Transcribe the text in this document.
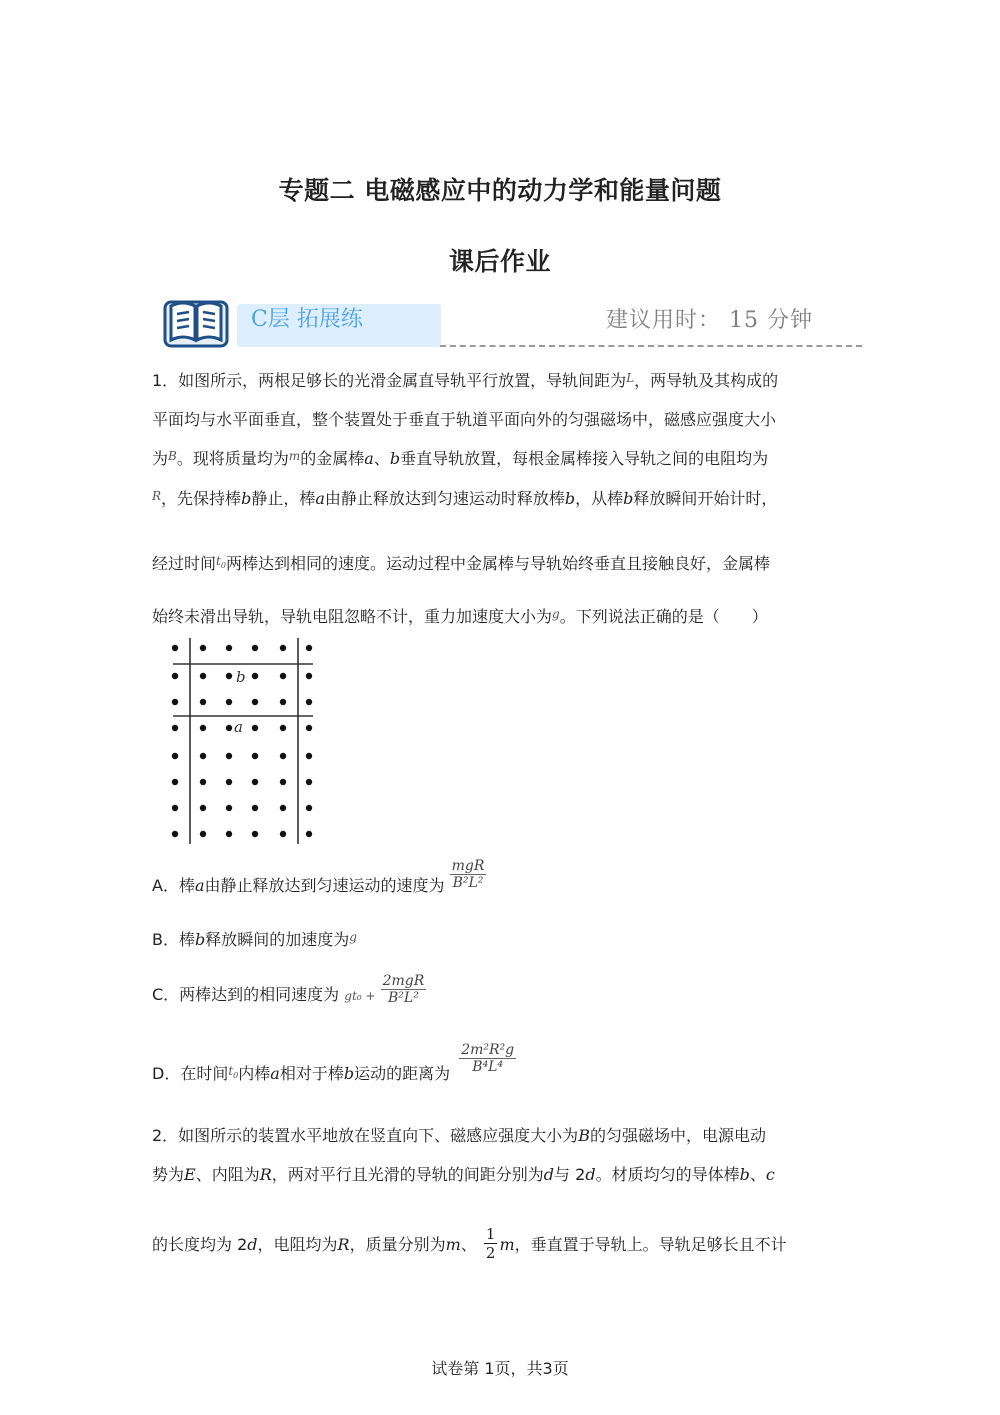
专题二 电磁感应中的动力学和能量问题
课后作业
C层 拓展练	建议用时： 15 分钟
1．如图所示，两根足够长的光滑金属直导轨平行放置，导轨间距为$^L$，两导轨及其构成的
平面均与水平面垂直，整个装置处于垂直于轨道平面向外的匀强磁场中，磁感应强度大小
为$^B$。现将质量均为$^m$的金属棒a、b垂直导轨放置，每根金属棒接入导轨之间的电阻均为
$^R$，先保持棒b静止，棒a由静止释放达到匀速运动时释放棒b，从棒b释放瞬间开始计时，
经过时间$^t$0两棒达到相同的速度。运动过程中金属棒与导轨始终垂直且接触良好，金属棒
始终未滑出导轨，导轨电阻忽略不计，重力加速度大小为$^g$。下列说法正确的是（　　）
b
a
A．棒a由静止释放达到匀速运动的速度为 $\frac{\text{mgR}}{\text{B²L²}}$
B．棒b释放瞬间的加速度为$^g$
C．两棒达到的相同速度为 $gt_0 + \frac{\text{2mgR}}{\text{B²L²}}$
D．在时间$^t$0内棒a相对于棒b运动的距离为 $\frac{\text{2m²R²g}}{\text{B⁴L⁴}}$
2．如图所示的装置水平地放在竖直向下、磁感应强度大小为B的匀强磁场中，电源电动
势为E、内阻为R，两对平行且光滑的导轨的间距分别为d与 2d。材质均匀的导体棒b、c
的长度均为 2d，电阻均为R，质量分别为m、 $\frac{1}{2}$ m，垂直置于导轨上。导轨足够长且不计
试卷第 1页，共3页
